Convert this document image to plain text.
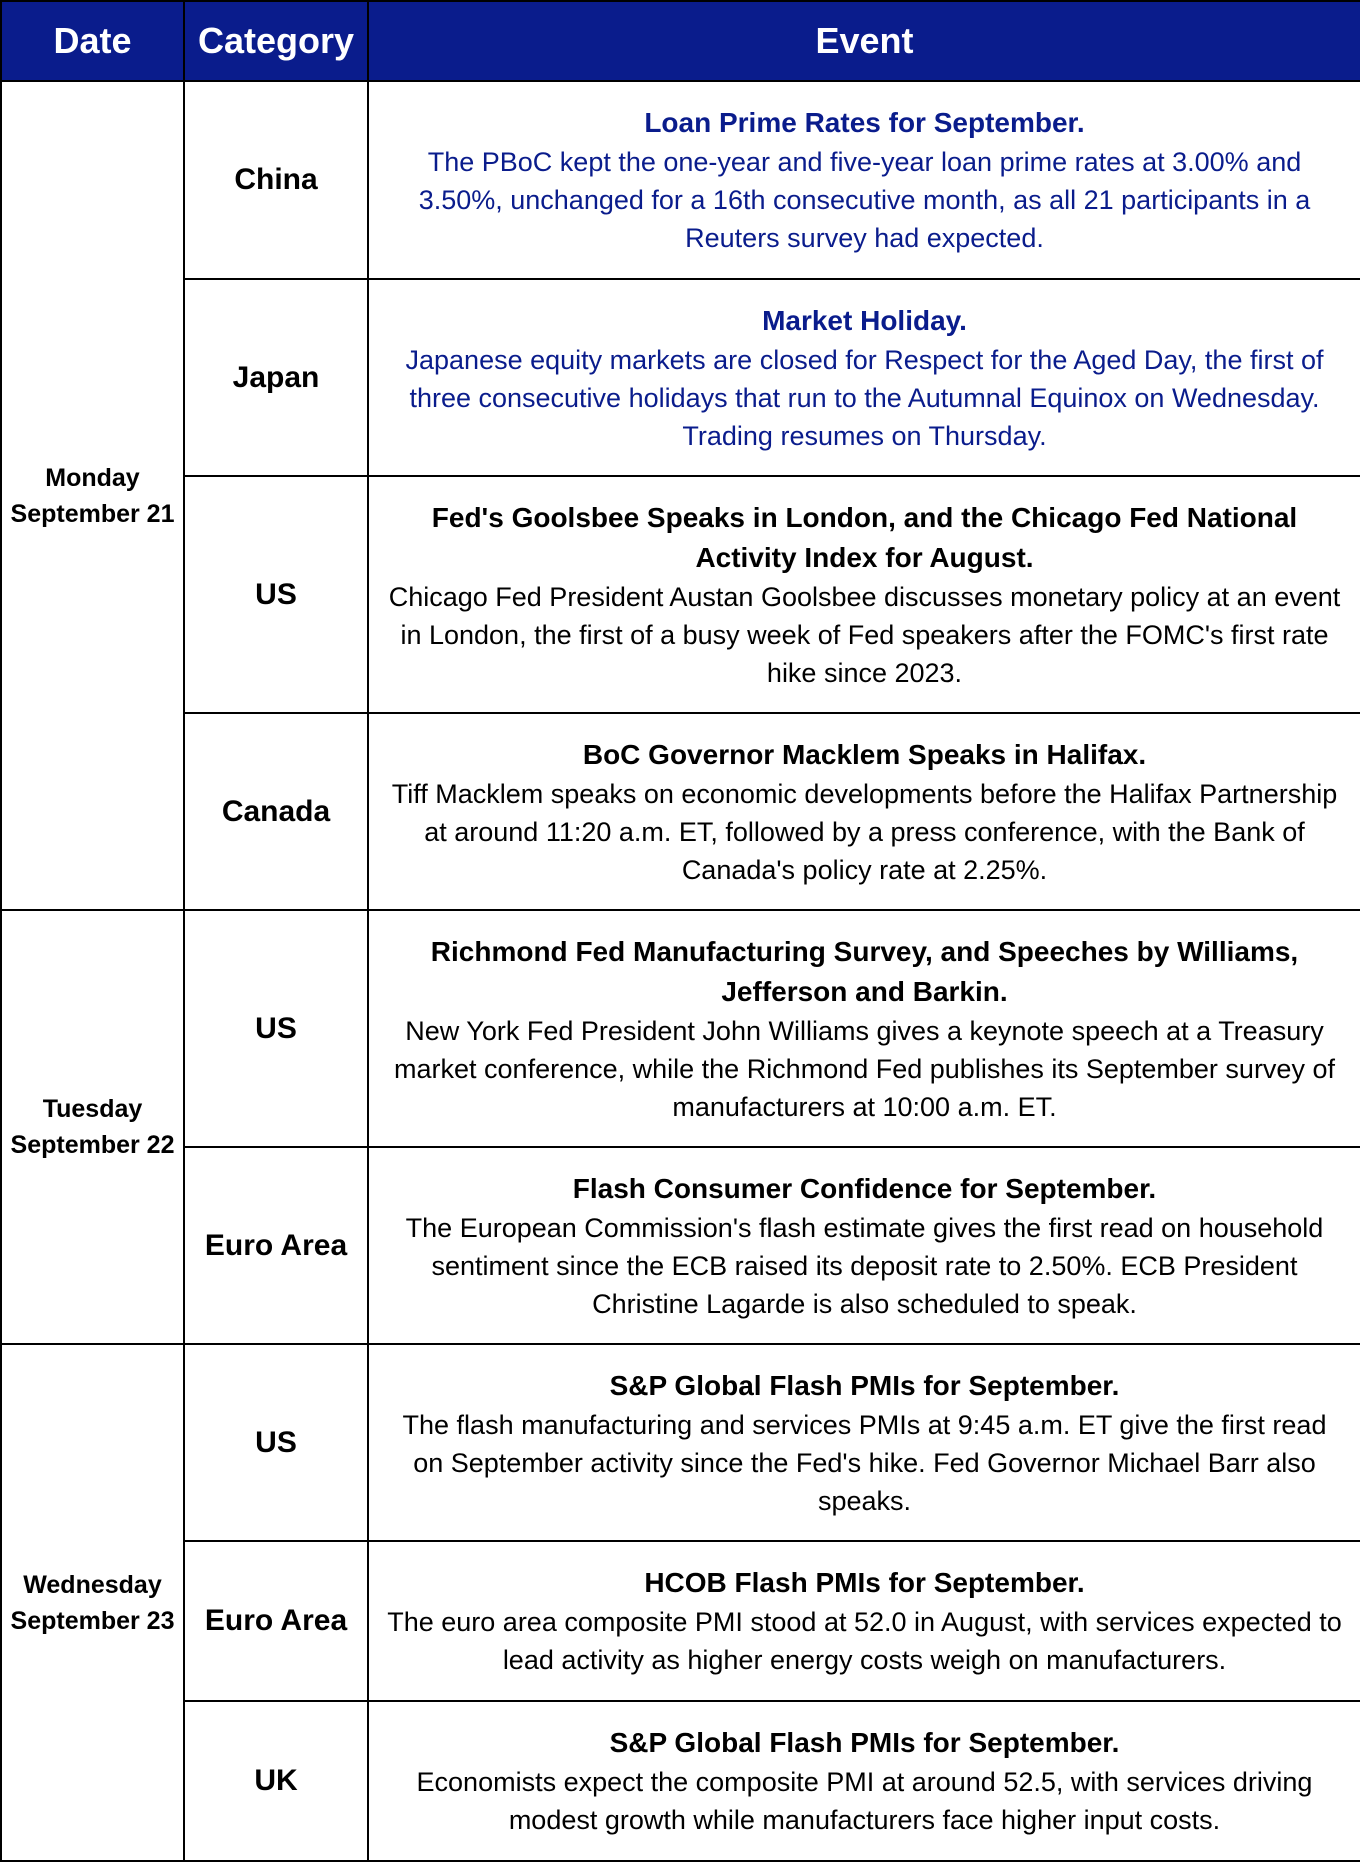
Date	Category	Event

Monday
September 21	China	Loan Prime Rates for September.
The PBoC kept the one-year and five-year loan prime rates at 3.00% and 3.50%, unchanged for a 16th consecutive month, as all 21 participants in a Reuters survey had expected.

	Japan	Market Holiday.
Japanese equity markets are closed for Respect for the Aged Day, the first of three consecutive holidays that run to the Autumnal Equinox on Wednesday. Trading resumes on Thursday.

	US	Fed's Goolsbee Speaks in London, and the Chicago Fed National Activity Index for August.
Chicago Fed President Austan Goolsbee discusses monetary policy at an event in London, the first of a busy week of Fed speakers after the FOMC's first rate hike since 2023.

	Canada	BoC Governor Macklem Speaks in Halifax.
Tiff Macklem speaks on economic developments before the Halifax Partnership at around 11:20 a.m. ET, followed by a press conference, with the Bank of Canada's policy rate at 2.25%.

Tuesday
September 22	US	Richmond Fed Manufacturing Survey, and Speeches by Williams, Jefferson and Barkin.
New York Fed President John Williams gives a keynote speech at a Treasury market conference, while the Richmond Fed publishes its September survey of manufacturers at 10:00 a.m. ET.

	Euro Area	Flash Consumer Confidence for September.
The European Commission's flash estimate gives the first read on household sentiment since the ECB raised its deposit rate to 2.50%. ECB President Christine Lagarde is also scheduled to speak.

Wednesday
September 23	US	S&P Global Flash PMIs for September.
The flash manufacturing and services PMIs at 9:45 a.m. ET give the first read on September activity since the Fed's hike. Fed Governor Michael Barr also speaks.

	Euro Area	HCOB Flash PMIs for September.
The euro area composite PMI stood at 52.0 in August, with services expected to lead activity as higher energy costs weigh on manufacturers.

	UK	S&P Global Flash PMIs for September.
Economists expect the composite PMI at around 52.5, with services driving modest growth while manufacturers face higher input costs.
